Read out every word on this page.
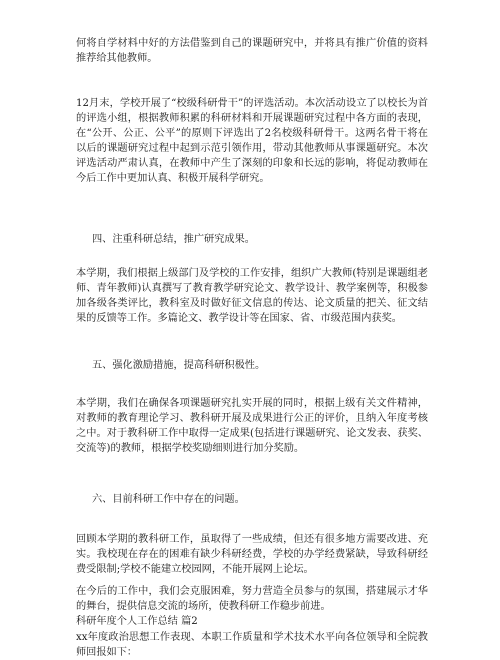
何将自学材料中好的方法借鉴到自己的课题研究中，并将具有推广价值的资料推荐给其他教师。

12月末，学校开展了“校级科研骨干”的评选活动。本次活动设立了以校长为首的评选小组，根据教师积累的科研材料和开展课题研究过程中各方面的表现，在“公开、公正、公平”的原则下评选出了2名校级科研骨干。这两名骨干将在以后的课题研究过程中起到示范引领作用，带动其他教师从事课题研究。本次评选活动严肃认真，在教师中产生了深刻的印象和长远的影响，将促动教师在今后工作中更加认真、积极开展科学研究。

四、注重科研总结，推广研究成果。

本学期，我们根据上级部门及学校的工作安排，组织广大教师(特别是课题组老师、青年教师)认真撰写了教育教学研究论文、教学设计、教学案例等，积极参加各级各类评比，教科室及时做好征文信息的传达、论文质量的把关、征文结果的反馈等工作。多篇论文、教学设计等在国家、省、市级范围内获奖。

五、强化激励措施，提高科研积极性。

本学期，我们在确保各项课题研究扎实开展的同时，根据上级有关文件精神，对教师的教育理论学习、教科研开展及成果进行公正的评价，且纳入年度考核之中。对于教科研工作中取得一定成果(包括进行课题研究、论文发表、获奖、交流等)的教师，根据学校奖励细则进行加分奖励。

六、目前科研工作中存在的问题。

回顾本学期的教科研工作，虽取得了一些成绩，但还有很多地方需要改进、充实。我校现在存在的困难有缺少科研经费，学校的办学经费紧缺，导致科研经费受限制;学校不能建立校园网，不能开展网上论坛。

在今后的工作中，我们会克服困难，努力营造全员参与的氛围，搭建展示才华的舞台，提供信息交流的场所，使教科研工作稳步前进。

科研年度个人工作总结 篇2

xx年度政治思想工作表现、本职工作质量和学术技术水平向各位领导和全院教师回报如下：
